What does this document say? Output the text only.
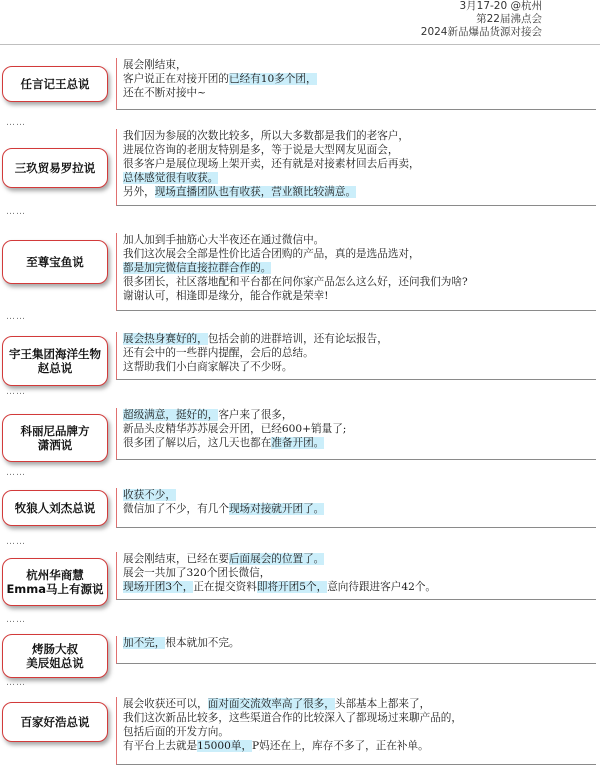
3月17-20 @杭州
第22届沸点会
2024新品爆品货源对接会
任言记王总说
展会刚结束，
客户说正在对接开团的已经有10多个团，
还在不断对接中~
……
三玖贸易罗拉说
我们因为参展的次数比较多，所以大多数都是我们的老客户，
进展位咨询的老朋友特别是多，等于说是大型网友见面会，
很多客户是展位现场上架开卖，还有就是对接素材回去后再卖，
总体感觉很有收获。
另外，现场直播团队也有收获，营业额比较满意。
……
至尊宝鱼说
加人加到手抽筋心大半夜还在通过微信中。
我们这次展会全部是性价比适合团购的产品，真的是选品选对，
都是加完微信直接拉群合作的。
很多团长，社区落地配和平台都在问你家产品怎么这么好，还问我们为啥?
谢谢认可，相逢即是缘分，能合作就是荣幸!
……
宇王集团海洋生物
赵总说
展会热身赛好的，包括会前的进群培训，还有论坛报告，
还有会中的一些群内提醒，会后的总结。
这帮助我们小白商家解决了不少呀。
……
科丽尼品牌方
潇洒说
超级满意，挺好的，客户来了很多，
新品头皮精华苏苏展会开团，已经600+销量了;
很多团了解以后，这几天也都在准备开团。
……
牧狼人刘杰总说
收获不少，
微信加了不少，有几个现场对接就开团了。
……
杭州华商慧
Emma马上有源说
展会刚结束，已经在要后面展会的位置了。
展会一共加了320个团长微信，
现场开团3个，正在提交资料即将开团5个，意向待跟进客户42个。
……
烤肠大叔
美辰姐总说
加不完，根本就加不完。
……
百家好浩总说
展会收获还可以，面对面交流效率高了很多，头部基本上都来了，
我们这次新品比较多，这些渠道合作的比较深入了都现场过来聊产品的，
包括后面的开发方向。
有平台上去就是15000单，P妈还在上，库存不多了，正在补单。
